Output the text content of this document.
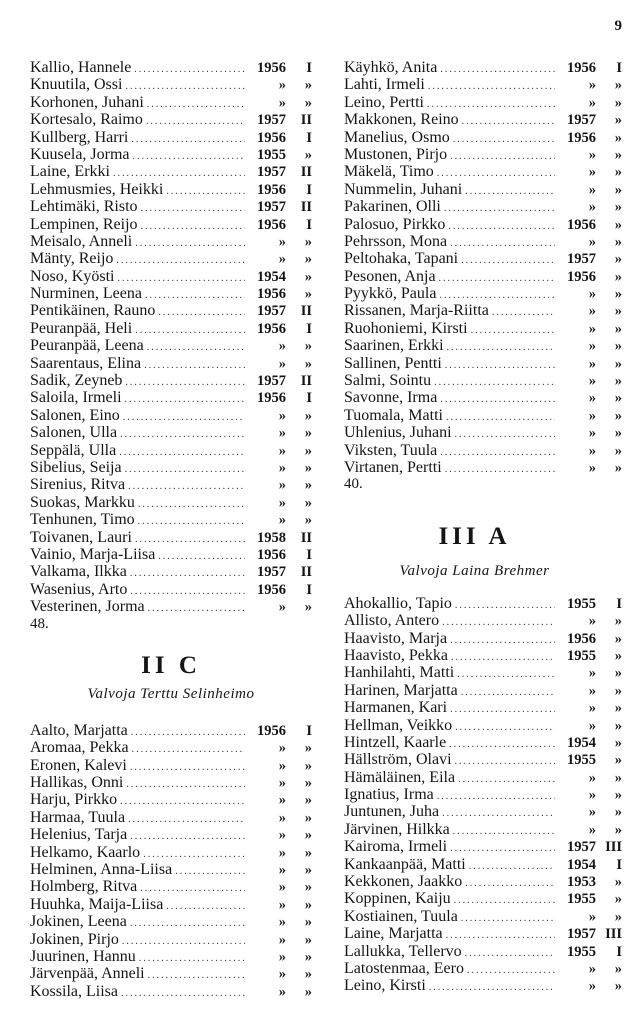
9
Kallio, Hannele .....	1956	I
Knuutila, Ossi .....	»	»
Korhonen, Juhani .....	»	»
Kortesalo, Raimo .....	1957	II
Kullberg, Harri .....	1956	I
Kuusela, Jorma .....	1955	»
Laine, Erkki .....	1957	II
Lehmusmies, Heikki .....	1956	I
Lehtimäki, Risto .....	1957	II
Lempinen, Reijo .....	1956	I
Meisalo, Anneli .....	»	»
Mänty, Reijo .....	»	»
Noso, Kyösti .....	1954	»
Nurminen, Leena .....	1956	»
Pentikäinen, Rauno .....	1957	II
Peuranpää, Heli .....	1956	I
Peuranpää, Leena .....	»	»
Saarentaus, Elina .....	»	»
Sadik, Zeyneb .....	1957	II
Saloila, Irmeli .....	1956	I
Salonen, Eino .....	»	»
Salonen, Ulla .....	»	»
Seppälä, Ulla .....	»	»
Sibelius, Seija .....	»	»
Sirenius, Ritva .....	»	»
Suokas, Markku .....	»	»
Tenhunen, Timo .....	»	»
Toivanen, Lauri .....	1958	II
Vainio, Marja-Liisa .....	1956	I
Valkama, Ilkka .....	1957	II
Wasenius, Arto .....	1956	I
Vesterinen, Jorma .....	»	»
48.
II C
Valvoja Terttu Selinheimo
Aalto, Marjatta .....	1956	I
Aromaa, Pekka .....	»	»
Eronen, Kalevi .....	»	»
Hallikas, Onni .....	»	»
Harju, Pirkko .....	»	»
Harmaa, Tuula .....	»	»
Helenius, Tarja .....	»	»
Helkamo, Kaarlo .....	»	»
Helminen, Anna-Liisa .....	»	»
Holmberg, Ritva .....	»	»
Huuhka, Maija-Liisa .....	»	»
Jokinen, Leena .....	»	»
Jokinen, Pirjo .....	»	»
Juurinen, Hannu .....	»	»
Järvenpää, Anneli .....	»	»
Kossila, Liisa .....	»	»
Käyhkö, Anita .....	1956	I
Lahti, Irmeli .....	»	»
Leino, Pertti .....	»	»
Makkonen, Reino .....	1957	»
Manelius, Osmo .....	1956	»
Mustonen, Pirjo .....	»	»
Mäkelä, Timo .....	»	»
Nummelin, Juhani .....	»	»
Pakarinen, Olli .....	»	»
Palosuo, Pirkko .....	1956	»
Pehrsson, Mona .....	»	»
Peltohaka, Tapani .....	1957	»
Pesonen, Anja .....	1956	»
Pyykkö, Paula .....	»	»
Rissanen, Marja-Riitta .....	»	»
Ruohoniemi, Kirsti .....	»	»
Saarinen, Erkki .....	»	»
Sallinen, Pentti .....	»	»
Salmi, Sointu .....	»	»
Savonne, Irma .....	»	»
Tuomala, Matti .....	»	»
Uhlenius, Juhani .....	»	»
Viksten, Tuula .....	»	»
Virtanen, Pertti .....	»	»
40.
III A
Valvoja Laina Brehmer
Ahokallio, Tapio .....	1955	I
Allisto, Antero .....	»	»
Haavisto, Marja .....	1956	»
Haavisto, Pekka .....	1955	»
Hanhilahti, Matti .....	»	»
Harinen, Marjatta .....	»	»
Harmanen, Kari .....	»	»
Hellman, Veikko .....	»	»
Hintzell, Kaarle .....	1954	»
Hällström, Olavi .....	1955	»
Hämäläinen, Eila .....	»	»
Ignatius, Irma .....	»	»
Juntunen, Juha .....	»	»
Järvinen, Hilkka .....	»	»
Kairoma, Irmeli .....	1957 III
Kankaanpää, Matti .....	1954	I
Kekkonen, Jaakko .....	1953	»
Koppinen, Kaiju .....	1955	»
Kostiainen, Tuula .....	»	»
Laine, Marjatta .....	1957 III
Lallukka, Tellervo .....	1955	I
Latostenmaa, Eero .....	»	»
Leino, Kirsti .....	»	»
